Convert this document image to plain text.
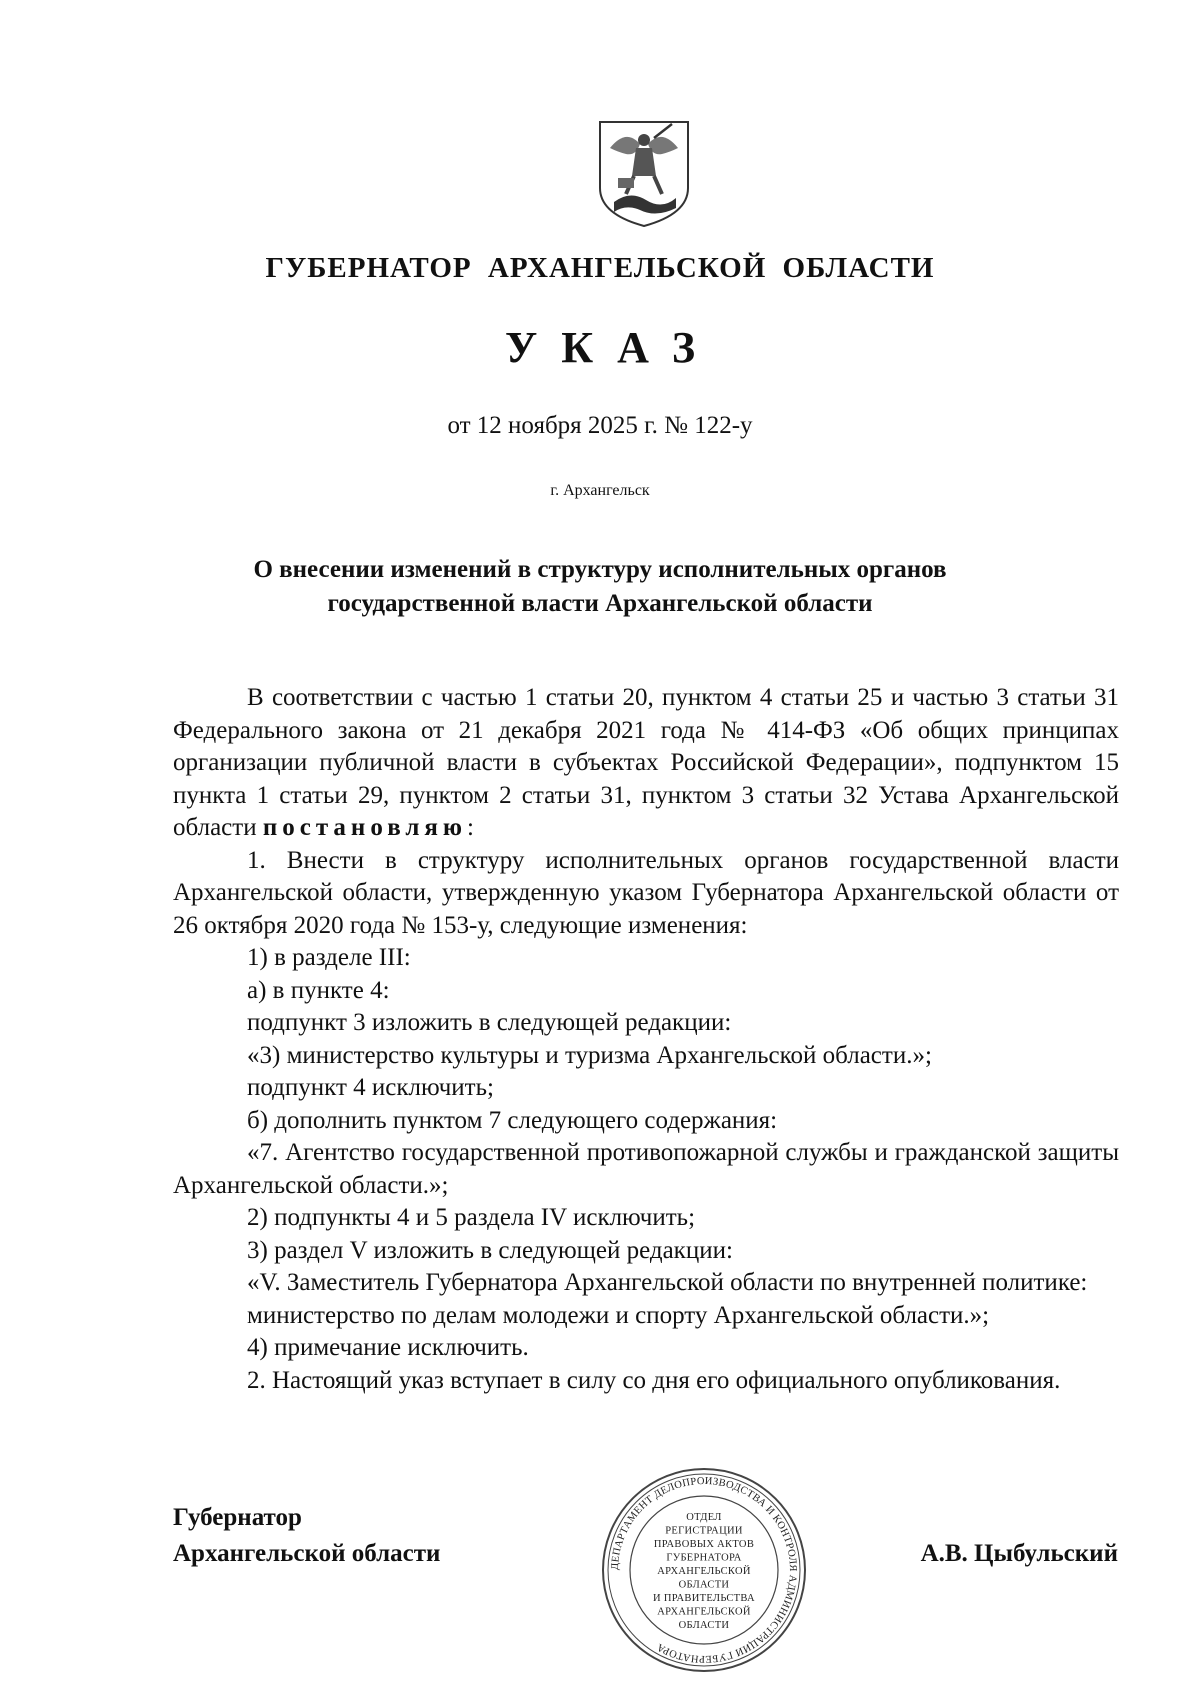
ГУБЕРНАТОР АРХАНГЕЛЬСКОЙ ОБЛАСТИ
УКАЗ
от 12 ноября 2025 г. № 122-у
г. Архангельск
О внесении изменений в структуру исполнительных органов
государственной власти Архангельской области

В соответствии с частью 1 статьи 20, пунктом 4 статьи 25 и частью 3 статьи 31 Федерального закона от 21 декабря 2021 года № 414-ФЗ «Об общих принципах организации публичной власти в субъектах Российской Федерации», подпунктом 15 пункта 1 статьи 29, пунктом 2 статьи 31, пунктом 3 статьи 32 Устава Архангельской области постановляю:

1. Внести в структуру исполнительных органов государственной власти Архангельской области, утвержденную указом Губернатора Архангельской области от 26 октября 2020 года № 153-у, следующие изменения:

1) в разделе III:

а) в пункте 4:

подпункт 3 изложить в следующей редакции:

«3) министерство культуры и туризма Архангельской области.»;

подпункт 4 исключить;

б) дополнить пунктом 7 следующего содержания:

«7. Агентство государственной противопожарной службы и гражданской защиты Архангельской области.»;

2) подпункты 4 и 5 раздела IV исключить;

3) раздел V изложить в следующей редакции:

«V. Заместитель Губернатора Архангельской области по внутренней политике:

министерство по делам молодежи и спорту Архангельской области.»;

4) примечание исключить.

2. Настоящий указ вступает в силу со дня его официального опубликования.

Губернатор
Архангельской области	ДЕПАРТАМЕНТ ДЕЛОПРОИЗВОДСТВА И КОНТРОЛЯ АДМИНИСТРАЦИИ ГУБЕРНАТОРА
ОТДЕЛ
РЕГИСТРАЦИИ
ПРАВОВЫХ АКТОВ
ГУБЕРНАТОРА
АРХАНГЕЛЬСКОЙ
ОБЛАСТИ
И ПРАВИТЕЛЬСТВА
АРХАНГЕЛЬСКОЙ
ОБЛАСТИ
А.В. Цыбульский
